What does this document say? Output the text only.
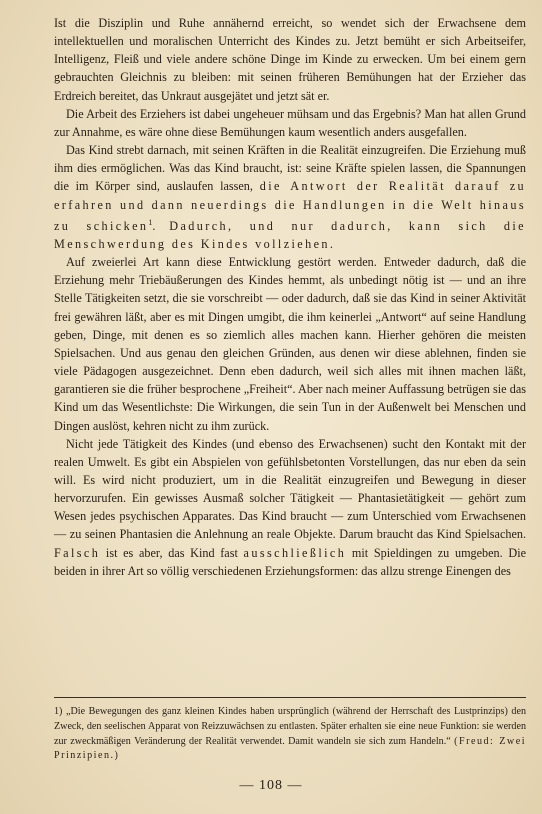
Ist die Disziplin und Ruhe annähernd erreicht, so wendet sich der Erwachsene dem intellektuellen und moralischen Unterricht des Kindes zu. Jetzt bemüht er sich Arbeitseifer, Intelligenz, Fleiß und viele andere schöne Dinge im Kinde zu erwecken. Um bei einem gern gebrauchten Gleichnis zu bleiben: mit seinen früheren Bemühungen hat der Erzieher das Erdreich bereitet, das Unkraut ausgejätet und jetzt sät er.

Die Arbeit des Erziehers ist dabei ungeheuer mühsam und das Ergebnis? Man hat allen Grund zur Annahme, es wäre ohne diese Bemühungen kaum wesentlich anders ausgefallen.

Das Kind strebt darnach, mit seinen Kräften in die Realität einzugreifen. Die Erziehung muß ihm dies ermöglichen. Was das Kind braucht, ist: seine Kräfte spielen lassen, die Spannungen die im Körper sind, auslaufen lassen, die Antwort der Realität darauf zu erfahren und dann neuerdings die Handlungen in die Welt hinaus zu schicken$^1$. Dadurch, und nur dadurch, kann sich die Menschwerdung des Kindes vollziehen.

Auf zweierlei Art kann diese Entwicklung gestört werden. Entweder dadurch, daß die Erziehung mehr Triebäußerungen des Kindes hemmt, als unbedingt nötig ist — und an ihre Stelle Tätigkeiten setzt, die sie vorschreibt — oder dadurch, daß sie das Kind in seiner Aktivität frei gewähren läßt, aber es mit Dingen umgibt, die ihm keinerlei „Antwort“ auf seine Handlung geben, Dinge, mit denen es so ziemlich alles machen kann. Hierher gehören die meisten Spielsachen. Und aus genau den gleichen Gründen, aus denen wir diese ablehnen, finden sie viele Pädagogen ausgezeichnet. Denn eben dadurch, weil sich alles mit ihnen machen läßt, garantieren sie die früher besprochene „Freiheit“. Aber nach meiner Auffassung betrügen sie das Kind um das Wesentlichste: Die Wirkungen, die sein Tun in der Außenwelt bei Menschen und Dingen auslöst, kehren nicht zu ihm zurück.

Nicht jede Tätigkeit des Kindes (und ebenso des Erwachsenen) sucht den Kontakt mit der realen Umwelt. Es gibt ein Abspielen von gefühlsbetonten Vorstellungen, das nur eben da sein will. Es wird nicht produziert, um in die Realität einzugreifen und Bewegung in dieser hervorzurufen. Ein gewisses Ausmaß solcher Tätigkeit — Phantasietätigkeit — gehört zum Wesen jedes psychischen Apparates. Das Kind braucht — zum Unterschied vom Erwachsenen — zu seinen Phantasien die Anlehnung an reale Objekte. Darum braucht das Kind Spielsachen. Falsch ist es aber, das Kind fast ausschließlich mit Spieldingen zu umgeben. Die beiden in ihrer Art so völlig verschiedenen Erziehungsformen: das allzu strenge Einengen des

1) „Die Bewegungen des ganz kleinen Kindes haben ursprünglich (während der Herrschaft des Lustprinzips) den Zweck, den seelischen Apparat von Reizzuwächsen zu entlasten. Später erhalten sie eine neue Funktion: sie werden zur zweckmäßigen Veränderung der Realität verwendet. Damit wandeln sie sich zum Handeln.“ (Freud: Zwei Prinzipien.)
— 108 —
